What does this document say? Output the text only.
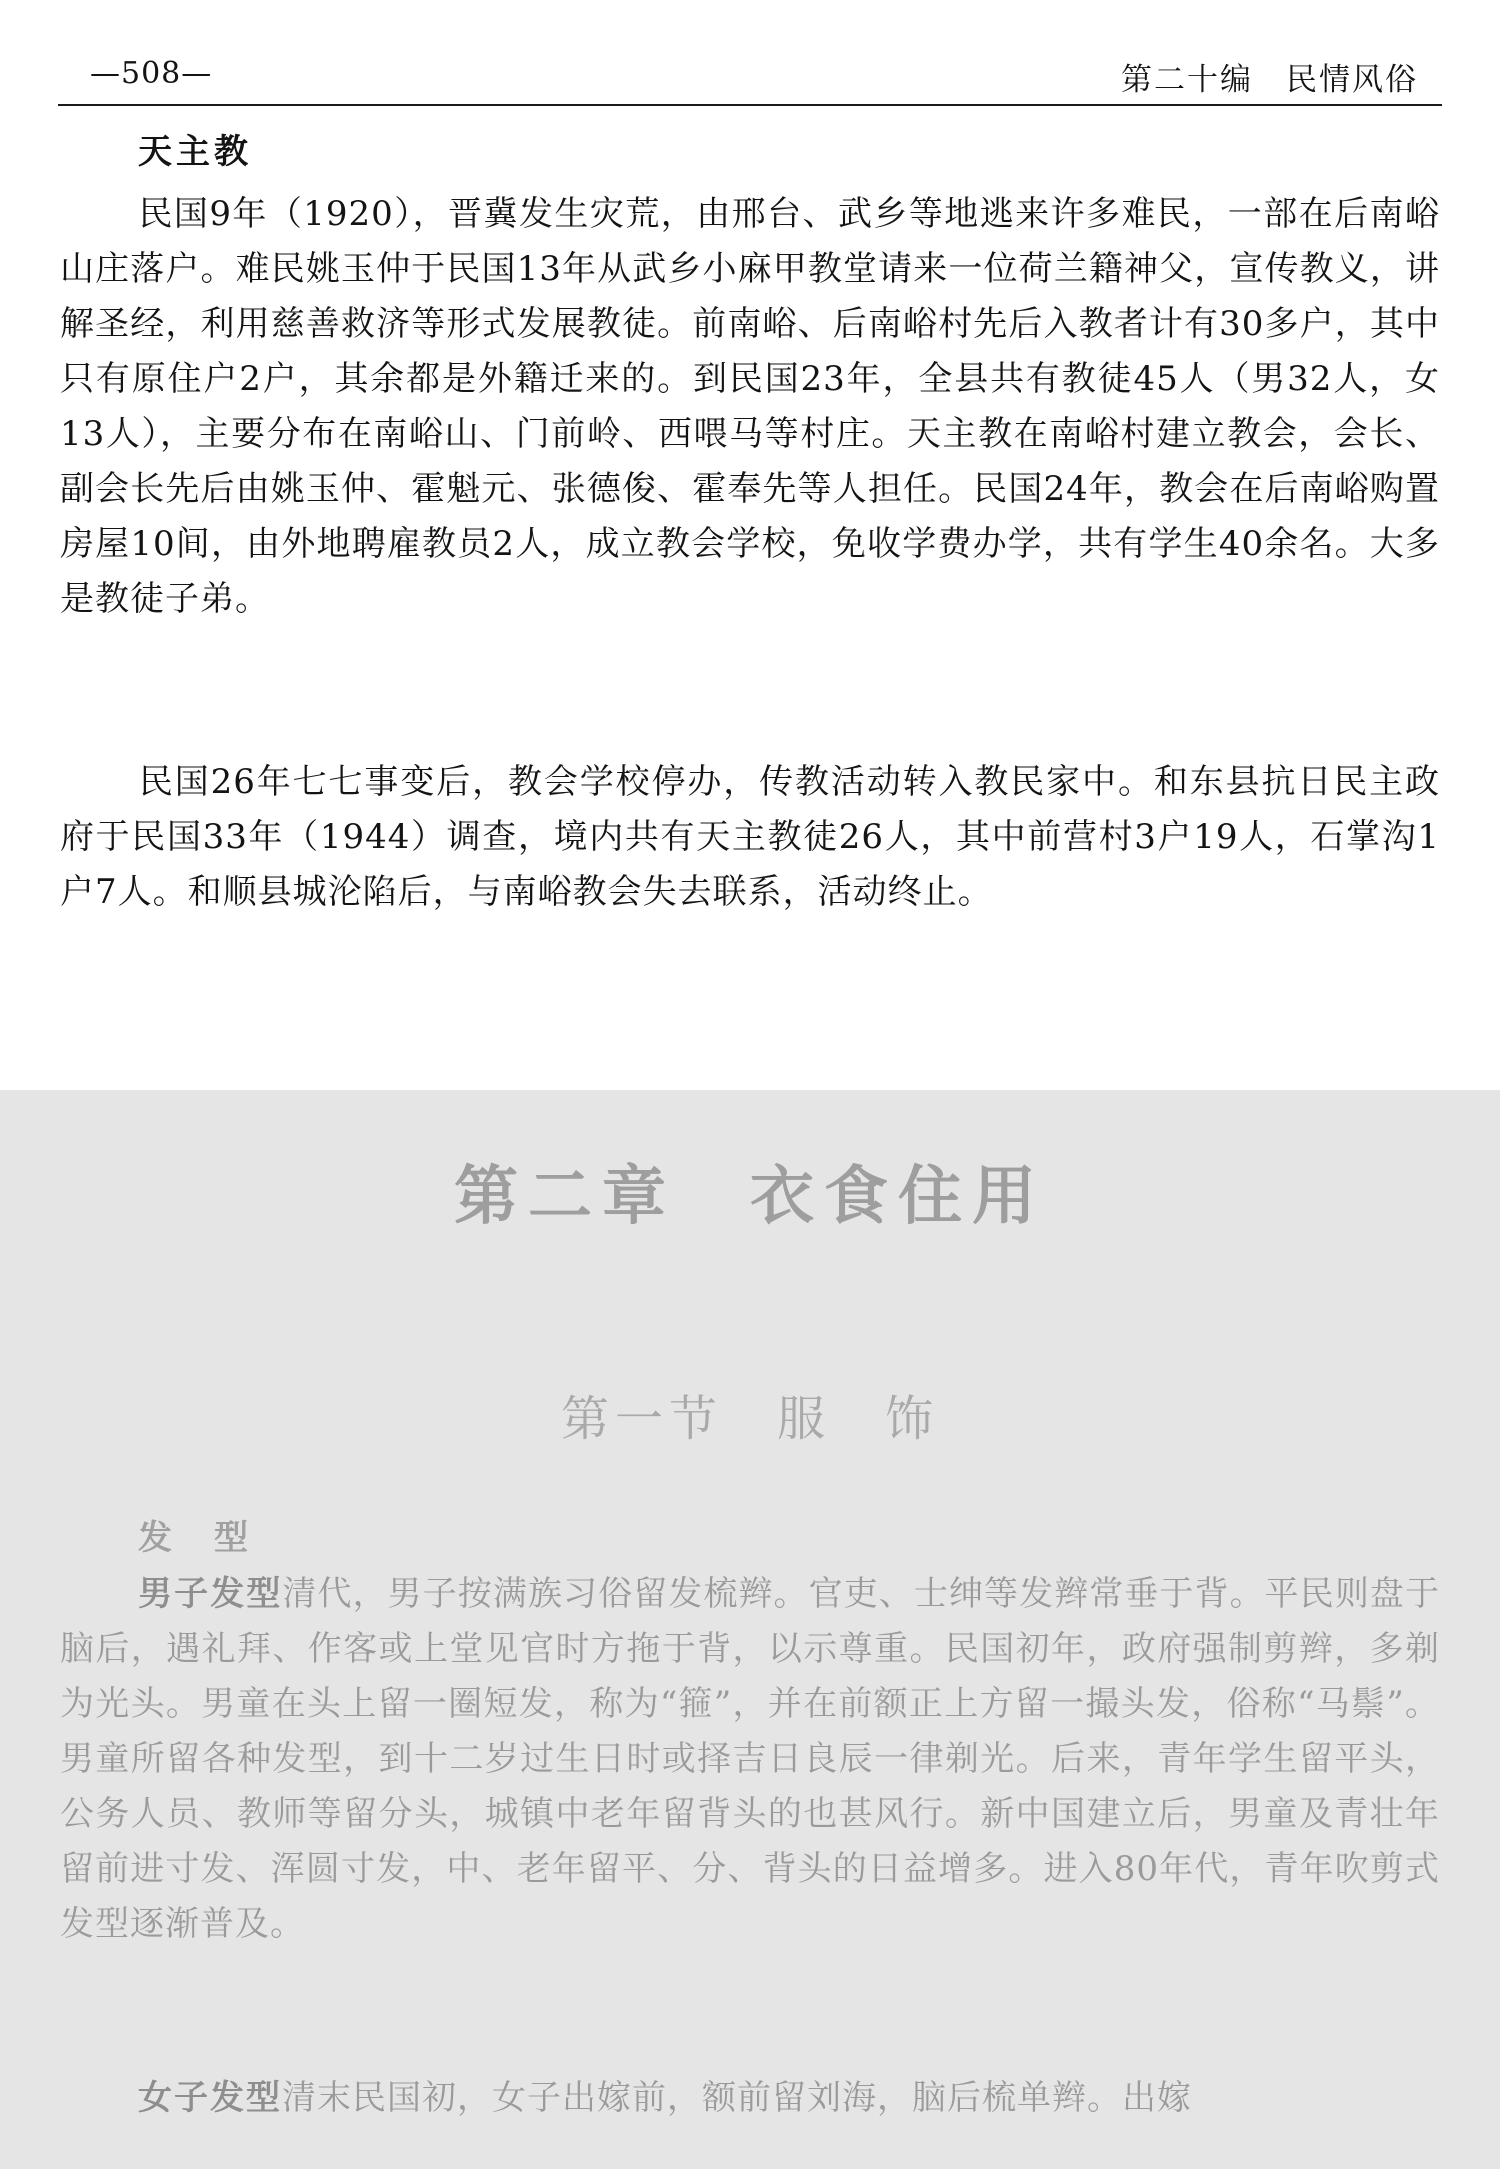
—508—	第二十编　民情风俗
天主教

民国9年（1920），晋冀发生灾荒，由邢台、武乡等地逃来许多难民，一部在后南峪山庄落户。难民姚玉仲于民国13年从武乡小麻甲教堂请来一位荷兰籍神父，宣传教义，讲解圣经，利用慈善救济等形式发展教徒。前南峪、后南峪村先后入教者计有30多户，其中只有原住户2户，其余都是外籍迁来的。到民国23年，全县共有教徒45人（男32人，女13人），主要分布在南峪山、门前岭、西喂马等村庄。天主教在南峪村建立教会，会长、副会长先后由姚玉仲、霍魁元、张德俊、霍奉先等人担任。民国24年，教会在后南峪购置房屋10间，由外地聘雇教员2人，成立教会学校，免收学费办学，共有学生40余名。大多是教徒子弟。

民国26年七七事变后，教会学校停办，传教活动转入教民家中。和东县抗日民主政府于民国33年（1944）调查，境内共有天主教徒26人，其中前营村3户19人，石掌沟1户7人。和顺县城沦陷后，与南峪教会失去联系，活动终止。

第二章　衣食住用
第一节　服　饰
发　型

男子发型清代，男子按满族习俗留发梳辫。官吏、士绅等发辫常垂于背。平民则盘于脑后，遇礼拜、作客或上堂见官时方拖于背，以示尊重。民国初年，政府强制剪辫，多剃为光头。男童在头上留一圈短发，称为“箍”，并在前额正上方留一撮头发，俗称“马鬃”。男童所留各种发型，到十二岁过生日时或择吉日良辰一律剃光。后来，青年学生留平头，公务人员、教师等留分头，城镇中老年留背头的也甚风行。新中国建立后，男童及青壮年留前进寸发、浑圆寸发，中、老年留平、分、背头的日益增多。进入80年代，青年吹剪式发型逐渐普及。

女子发型清末民国初，女子出嫁前，额前留刘海，脑后梳单辫。出嫁
